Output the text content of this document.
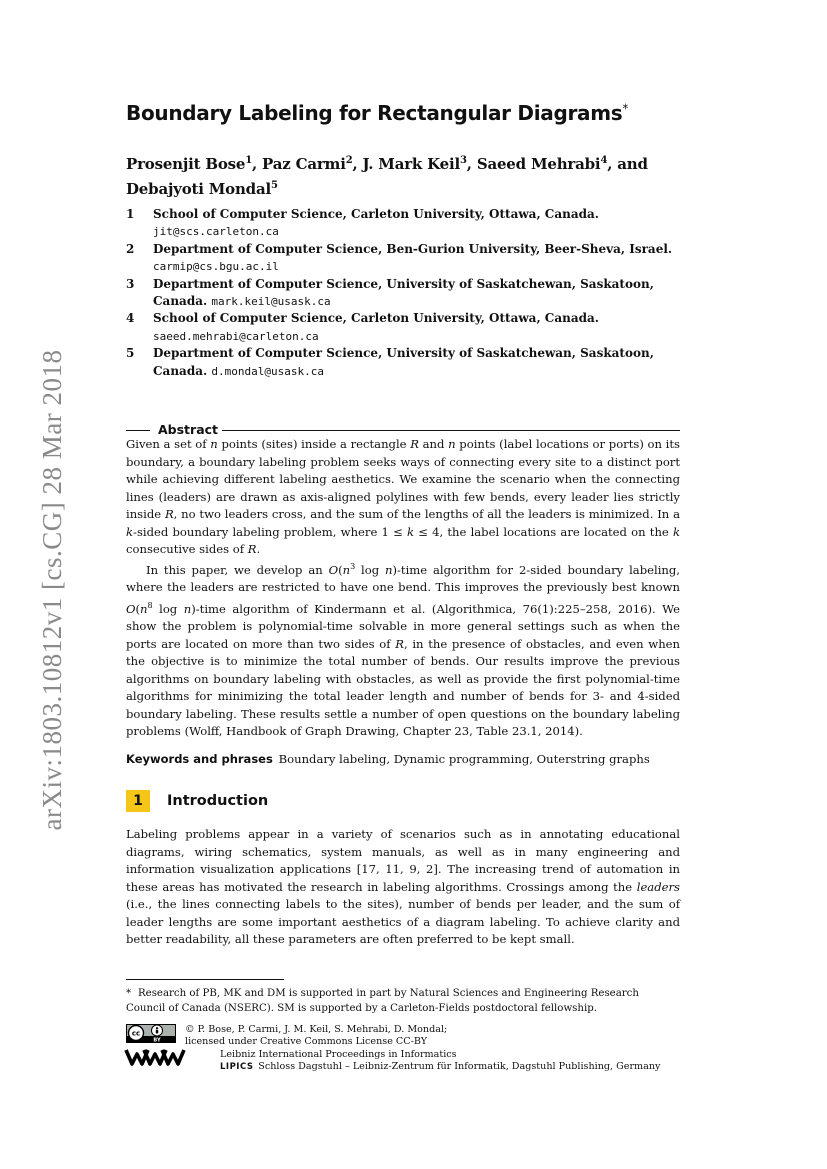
arXiv:1803.10812v1 [cs.CG] 28 Mar 2018
Boundary Labeling for Rectangular Diagrams*
Prosenjit Bose$^1$, Paz Carmi$^2$, J. Mark Keil$^3$, Saeed Mehrabi$^4$, and Debajyoti Mondal$^5$
1	School of Computer Science, Carleton University, Ottawa, Canada.
jit@scs.carleton.ca
2	Department of Computer Science, Ben-Gurion University, Beer-Sheva, Israel.
carmip@cs.bgu.ac.il
3	Department of Computer Science, University of Saskatchewan, Saskatoon, Canada. mark.keil@usask.ca
4	School of Computer Science, Carleton University, Ottawa, Canada.
saeed.mehrabi@carleton.ca
5	Department of Computer Science, University of Saskatchewan, Saskatoon, Canada. d.mondal@usask.ca
Abstract
Given a set of n points (sites) inside a rectangle R and n points (label locations or ports) on its boundary, a boundary labeling problem seeks ways of connecting every site to a distinct port while achieving different labeling aesthetics. We examine the scenario when the connecting lines (leaders) are drawn as axis-aligned polylines with few bends, every leader lies strictly inside R, no two leaders cross, and the sum of the lengths of all the leaders is minimized. In a k-sided boundary labeling problem, where 1 ≤ k ≤ 4, the label locations are located on the k consecutive sides of R.
In this paper, we develop an $O(n^3$ log n)-time algorithm for 2-sided boundary labeling, where the leaders are restricted to have one bend. This improves the previously best known $O(n^8$ log n)-time algorithm of Kindermann et al. (Algorithmica, 76(1):225–258, 2016). We show the problem is polynomial-time solvable in more general settings such as when the ports are located on more than two sides of R, in the presence of obstacles, and even when the objective is to minimize the total number of bends. Our results improve the previous algorithms on boundary labeling with obstacles, as well as provide the first polynomial-time algorithms for minimizing the total leader length and number of bends for 3- and 4-sided boundary labeling. These results settle a number of open questions on the boundary labeling problems (Wolff, Handbook of Graph Drawing, Chapter 23, Table 23.1, 2014).
Keywords and phrases Boundary labeling, Dynamic programming, Outerstring graphs
1	Introduction
Labeling problems appear in a variety of scenarios such as in annotating educational diagrams, wiring schematics, system manuals, as well as in many engineering and information visualization applications [17, 11, 9, 2]. The increasing trend of automation in these areas has motivated the research in labeling algorithms. Crossings among the leaders (i.e., the lines connecting labels to the sites), number of bends per leader, and the sum of leader lengths are some important aesthetics of a diagram labeling. To achieve clarity and better readability, all these parameters are often preferred to be kept small.
* Research of PB, MK and DM is supported in part by Natural Sciences and Engineering Research Council of Canada (NSERC). SM is supported by a Carleton-Fields postdoctoral fellowship.
cc
BY
© P. Bose, P. Carmi, J. M. Keil, S. Mehrabi, D. Mondal;
licensed under Creative Commons License CC-BY
Leibniz International Proceedings in Informatics
LIPICS Schloss Dagstuhl – Leibniz-Zentrum für Informatik, Dagstuhl Publishing, Germany
